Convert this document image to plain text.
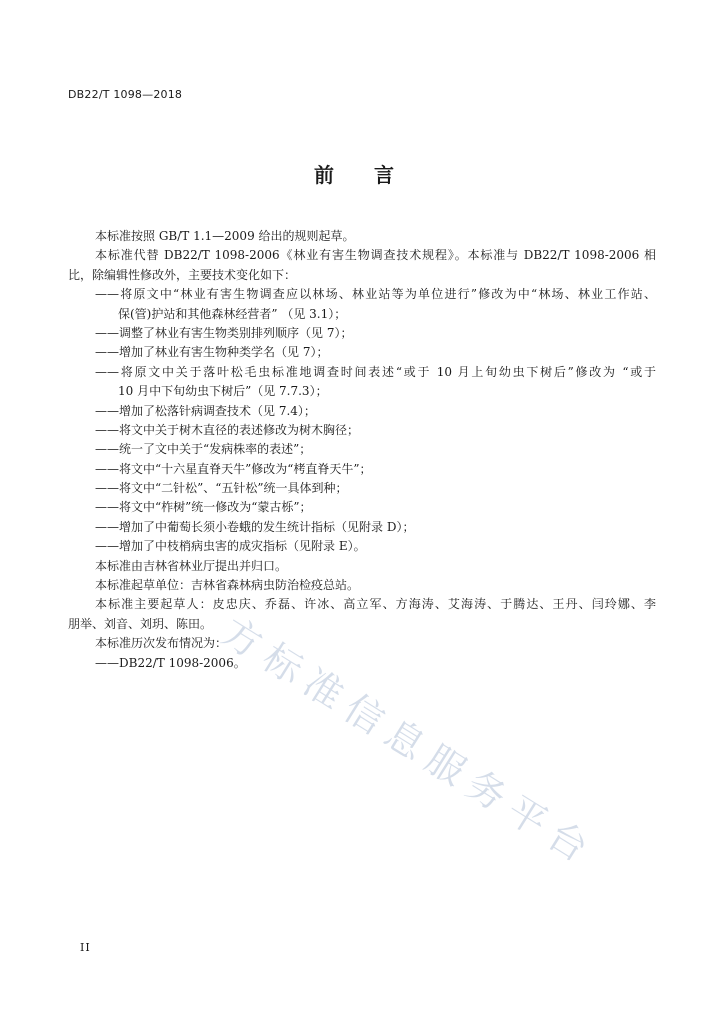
DB22/T 1098—2018
前　　言
方标准信息服务平台
本标准按照 GB/T 1.1—2009 给出的规则起草。
本标准代替 DB22/T 1098-2006《林业有害生物调查技术规程》。本标准与 DB22/T 1098-2006 相
比，除编辑性修改外，主要技术变化如下：
——将原文中“林业有害生物调查应以林场、林业站等为单位进行”修改为中“林场、林业工作站、
保(管)护站和其他森林经营者” （见 3.1）；
——调整了林业有害生物类别排列顺序（见 7）；
——增加了林业有害生物种类学名（见 7）；
——将原文中关于落叶松毛虫标准地调查时间表述“或于 10 月上旬幼虫下树后”修改为 “或于
10 月中下旬幼虫下树后”（见 7.7.3）；
——增加了松落针病调查技术（见 7.4）；
——将文中关于树木直径的表述修改为树木胸径；
——统一了文中关于“发病株率的表述”；
——将文中“十六星直脊天牛”修改为“栲直脊天牛”；
——将文中“二针松”、“五针松”统一具体到种；
——将文中“柞树”统一修改为“蒙古栎”；
——增加了中葡萄长须小卷蛾的发生统计指标（见附录 D）；
——增加了中枝梢病虫害的成灾指标（见附录 E）。
本标准由吉林省林业厅提出并归口。
本标准起草单位：吉林省森林病虫防治检疫总站。
本标准主要起草人：皮忠庆、乔磊、许冰、高立军、方海涛、艾海涛、于腾达、王丹、闫玲娜、李
朋举、刘音、刘玥、陈田。
本标准历次发布情况为：
——DB22/T 1098-2006。
II
